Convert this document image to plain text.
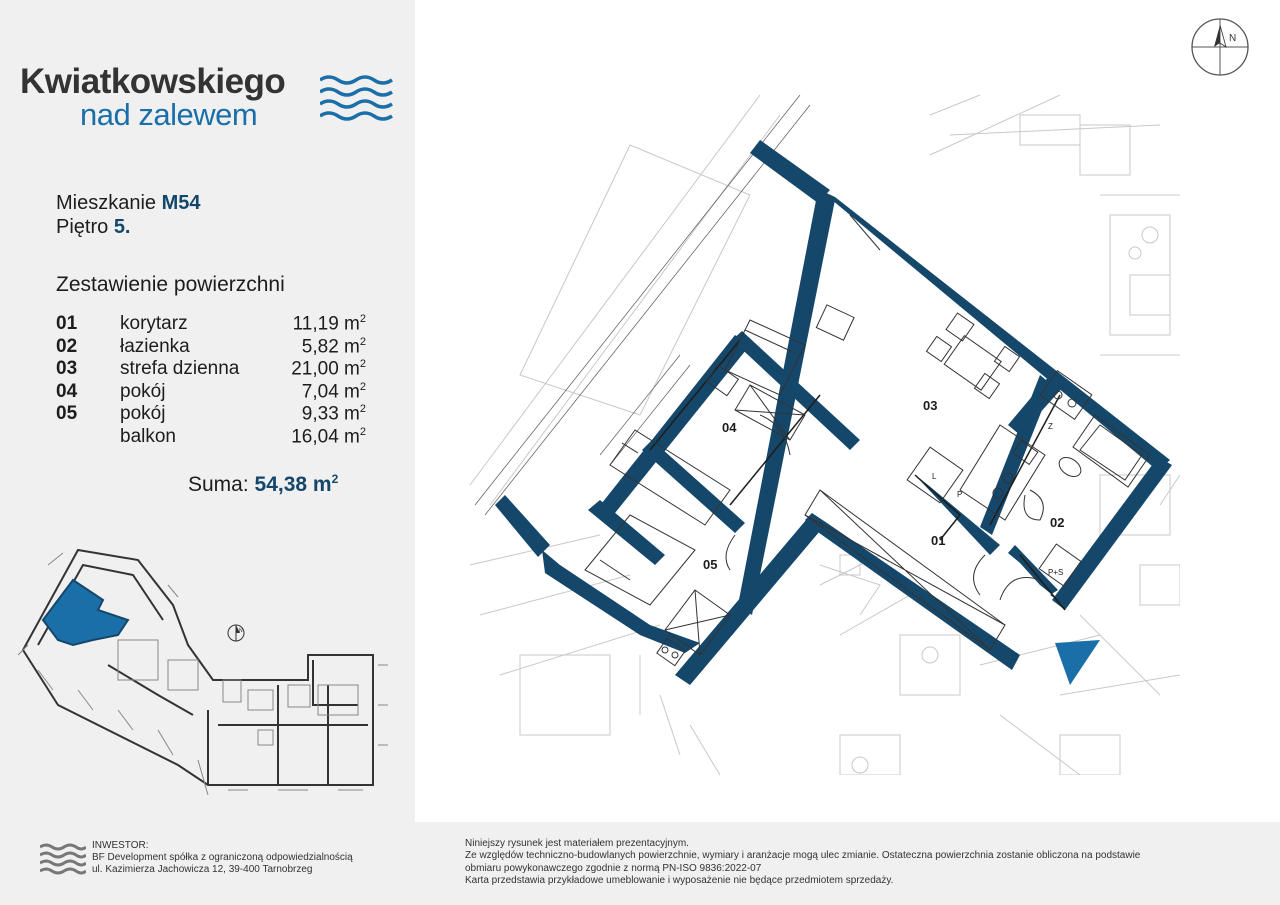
Kwiatkowskiego
nad zalewem
Mieszkanie M54
Piętro 5.
Zestawienie powierzchni
01 korytarz	11,19 $m^2$
02 łazienka	5,82 $m^2$
03 strefa dzienna	21,00 $m^2$
04 pokój	7,04 $m^2$
05 pokój	9,33 $m^2$
balkon	16,04 $m^2$
Suma: 54,38 $m^2$
N
N
03
04
01
02
05
Z
L
P
P+S
INWESTOR:
BF Development spółka z ograniczoną odpowiedzialnością
ul. Kazimierza Jachowicza 12, 39-400 Tarnobrzeg
Niniejszy rysunek jest materiałem prezentacyjnym.
Ze względów techniczno-budowlanych powierzchnie, wymiary i aranżacje mogą ulec zmianie. Ostateczna powierzchnia zostanie obliczona na podstawie
obmiaru powykonawczego zgodnie z normą PN-ISO 9836:2022-07
Karta przedstawia przykładowe umeblowanie i wyposażenie nie będące przedmiotem sprzedaży.
